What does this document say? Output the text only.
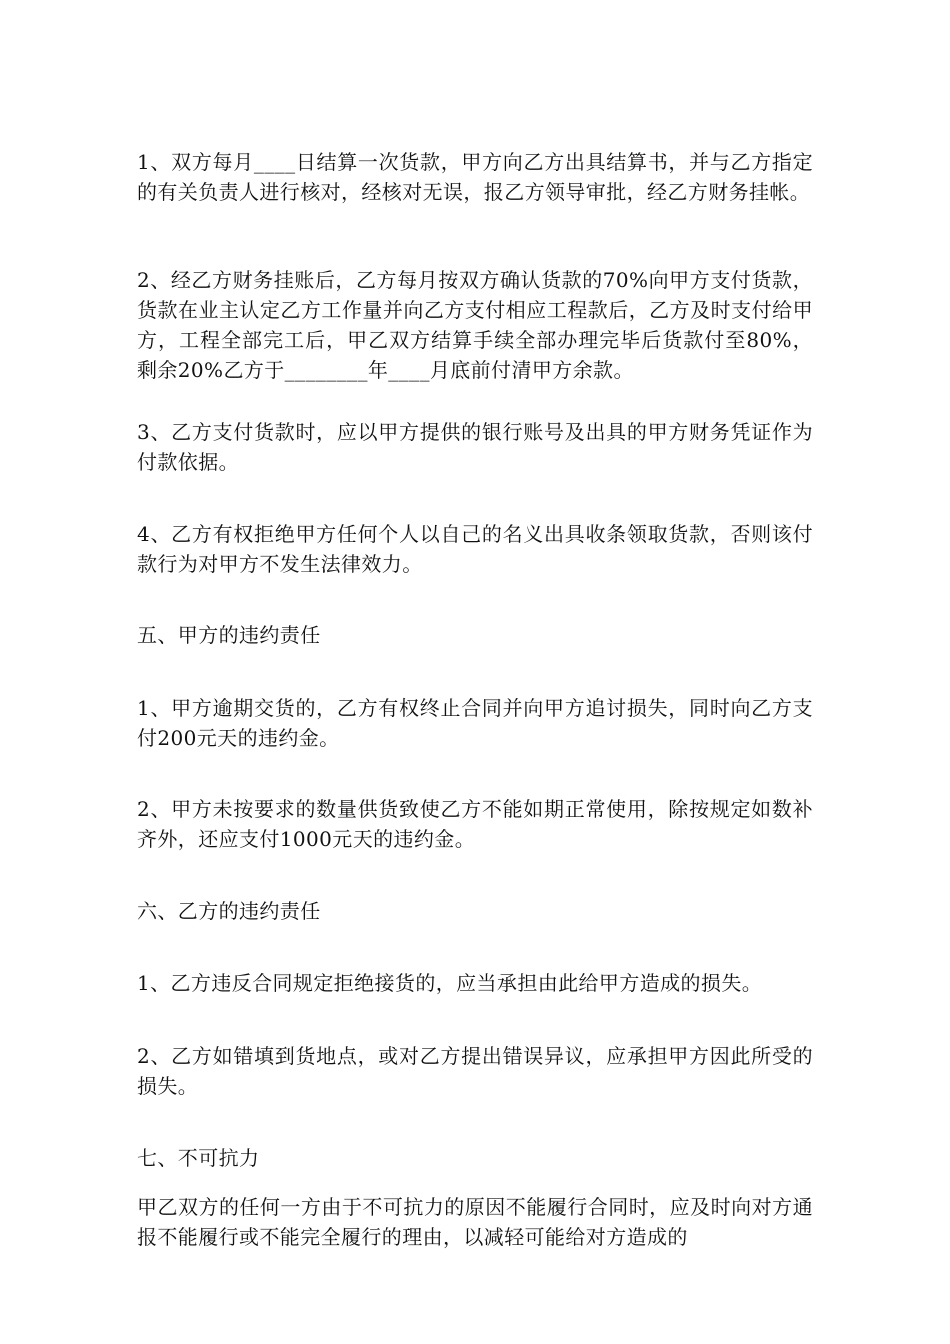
1、双方每月____日结算一次货款，甲方向乙方出具结算书，并与乙方指定的有关负责人进行核对，经核对无误，报乙方领导审批，经乙方财务挂帐。

2、经乙方财务挂账后，乙方每月按双方确认货款的70%向甲方支付货款，货款在业主认定乙方工作量并向乙方支付相应工程款后，乙方及时支付给甲方，工程全部完工后，甲乙双方结算手续全部办理完毕后货款付至80%，剩余20%乙方于________年____月底前付清甲方余款。

3、乙方支付货款时，应以甲方提供的银行账号及出具的甲方财务凭证作为付款依据。

4、乙方有权拒绝甲方任何个人以自己的名义出具收条领取货款，否则该付款行为对甲方不发生法律效力。

五、甲方的违约责任

1、甲方逾期交货的，乙方有权终止合同并向甲方追讨损失，同时向乙方支付200元天的违约金。

2、甲方未按要求的数量供货致使乙方不能如期正常使用，除按规定如数补齐外，还应支付1000元天的违约金。

六、乙方的违约责任

1、乙方违反合同规定拒绝接货的，应当承担由此给甲方造成的损失。

2、乙方如错填到货地点，或对乙方提出错误异议，应承担甲方因此所受的损失。

七、不可抗力

甲乙双方的任何一方由于不可抗力的原因不能履行合同时，应及时向对方通报不能履行或不能完全履行的理由，以减轻可能给对方造成的
